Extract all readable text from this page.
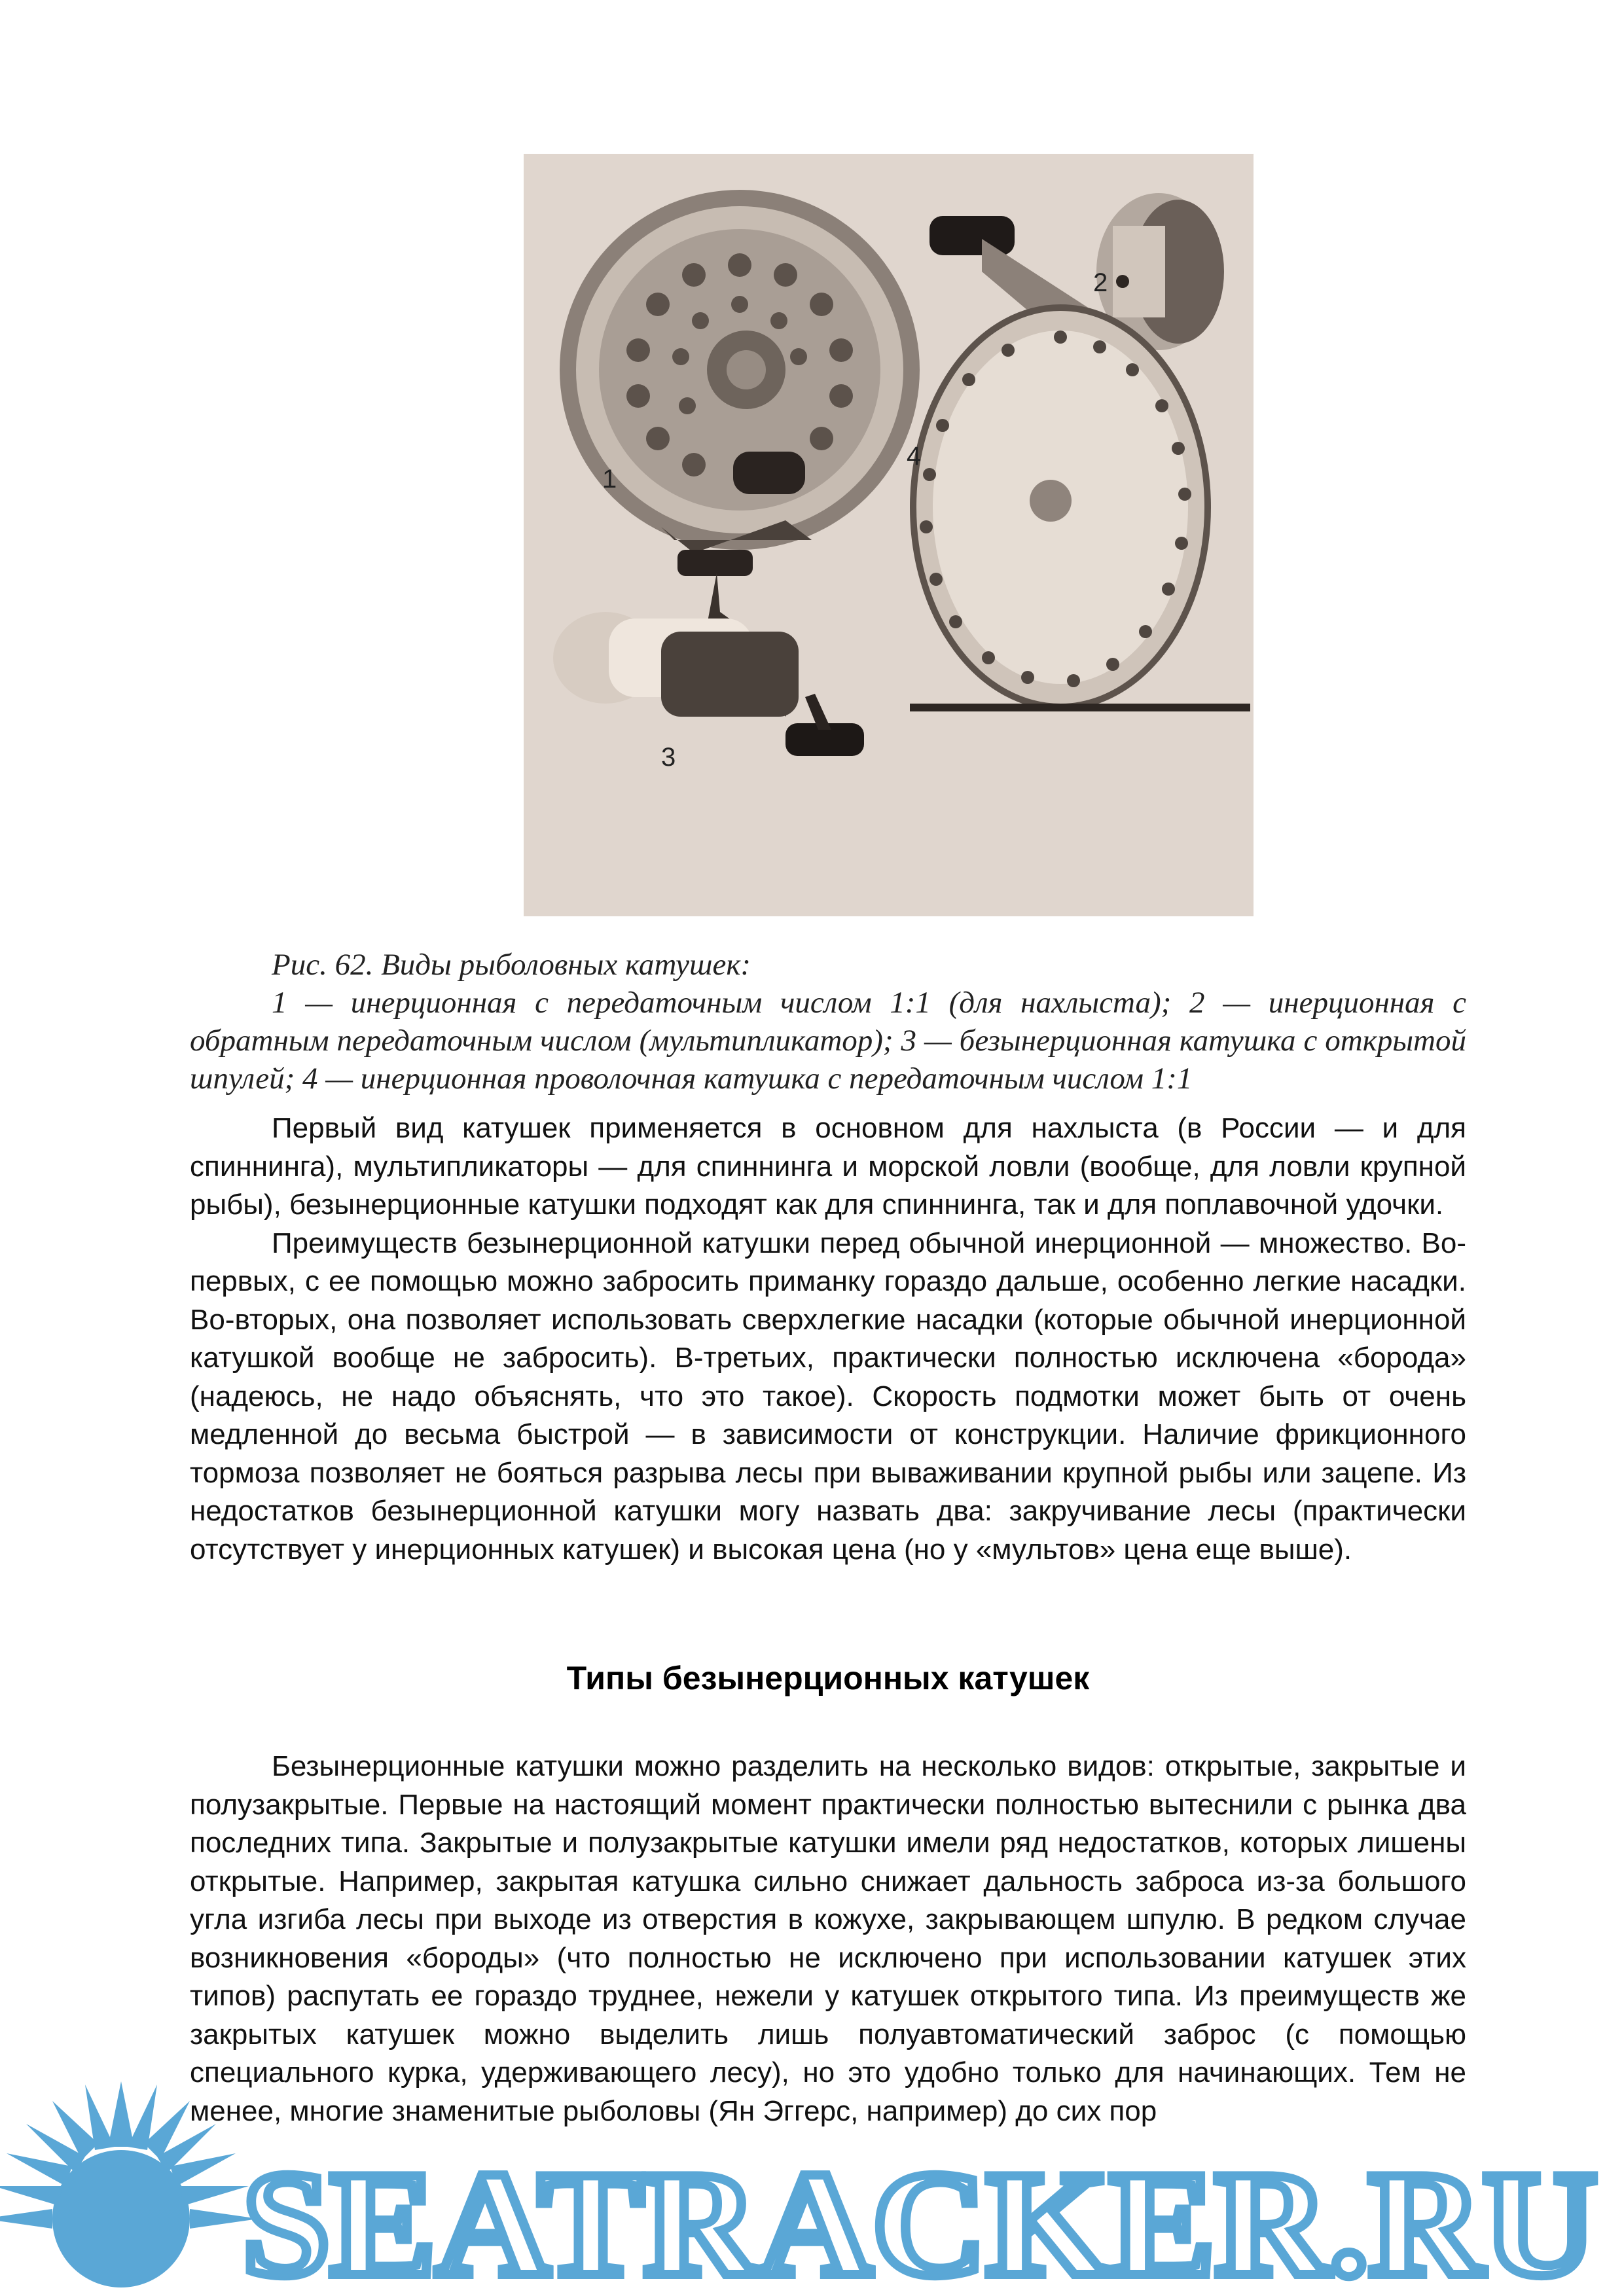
2
3
4
1

Рис. 62. Виды рыболовных катушек:

1 — инерционная с передаточным числом 1:1 (для нахлыста); 2 — инерционная с обратным передаточным числом (мультипликатор); 3 — безынерционная катушка с открытой шпулей; 4 — инерционная проволочная катушка с передаточным числом 1:1

Первый вид катушек применяется в основном для нахлыста (в России — и для спиннинга), мультипликаторы — для спиннинга и морской ловли (вообще, для ловли крупной рыбы), безынерционные катушки подходят как для спиннинга, так и для поплавочной удочки.

Преимуществ безынерционной катушки перед обычной инерционной — множество. Во-первых, с ее помощью можно забросить приманку гораздо дальше, особенно легкие насадки. Во-вторых, она позволяет использовать сверхлегкие насадки (которые обычной инерционной катушкой вообще не забросить). В-третьих, практически полностью исключена «борода» (надеюсь, не надо объяснять, что это такое). Скорость подмотки может быть от очень медленной до весьма быстрой — в зависимости от конструкции. Наличие фрикционного тормоза позволяет не бояться разрыва лесы при вываживании крупной рыбы или зацепе. Из недостатков безынерционной катушки могу назвать два: закручивание лесы (практически отсутствует у инерционных катушек) и высокая цена (но у «мультов» цена еще выше).

Типы безынерционных катушек

Безынерционные катушки можно разделить на несколько видов: открытые, закрытые и полузакрытые. Первые на настоящий момент практически полностью вытеснили с рынка два последних типа. Закрытые и полузакрытые катушки имели ряд недостатков, которых лишены открытые. Например, закрытая катушка сильно снижает дальность заброса из-за большого угла изгиба лесы при выходе из отверстия в кожухе, закрывающем шпулю. В редком случае возникновения «бороды» (что полностью не исключено при использовании катушек этих типов) распутать ее гораздо труднее, нежели у катушек открытого типа. Из преимуществ же закрытых катушек можно выделить лишь полуавтоматический заброс (с помощью специального курка, удерживающего лесу), но это удобно только для начинающих. Тем не менее, многие знаменитые рыболовы (Ян Эггерс, например) до сих пор

SEATRACKER.RU
